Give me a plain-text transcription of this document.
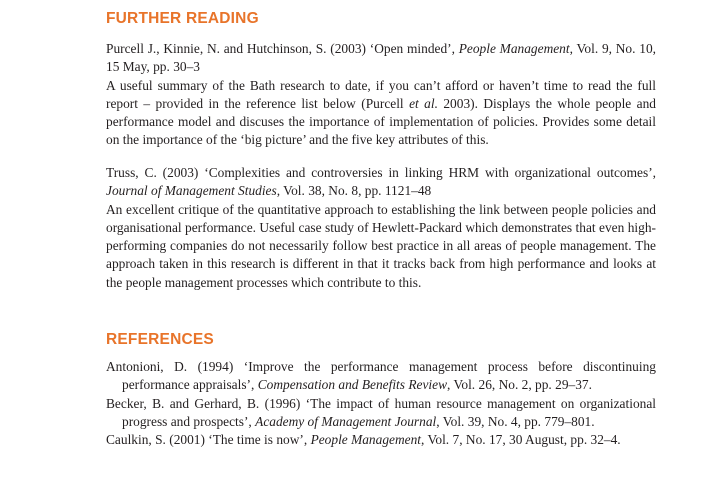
FURTHER READING
Purcell J., Kinnie, N. and Hutchinson, S. (2003) ‘Open minded’, People Management, Vol. 9, No. 10, 15 May, pp. 30–3
A useful summary of the Bath research to date, if you can’t afford or haven’t time to read the full report – provided in the reference list below (Purcell et al. 2003). Displays the whole people and performance model and discuses the importance of implementation of policies. Provides some detail on the importance of the ‘big picture’ and the five key attributes of this.
Truss, C. (2003) ‘Complexities and controversies in linking HRM with organizational outcomes’, Journal of Management Studies, Vol. 38, No. 8, pp. 1121–48
An excellent critique of the quantitative approach to establishing the link between people policies and organisational performance. Useful case study of Hewlett-Packard which demonstrates that even high-performing companies do not necessarily follow best practice in all areas of people management. The approach taken in this research is different in that it tracks back from high performance and looks at the people management processes which contribute to this.
REFERENCES

Antonioni, D. (1994) ‘Improve the performance management process before discontinuing performance appraisals’, Compensation and Benefits Review, Vol. 26, No. 2, pp. 29–37.

Becker, B. and Gerhard, B. (1996) ‘The impact of human resource management on organizational progress and prospects’, Academy of Management Journal, Vol. 39, No. 4, pp. 779–801.

Caulkin, S. (2001) ‘The time is now’, People Management, Vol. 7, No. 17, 30 August, pp. 32–4.
